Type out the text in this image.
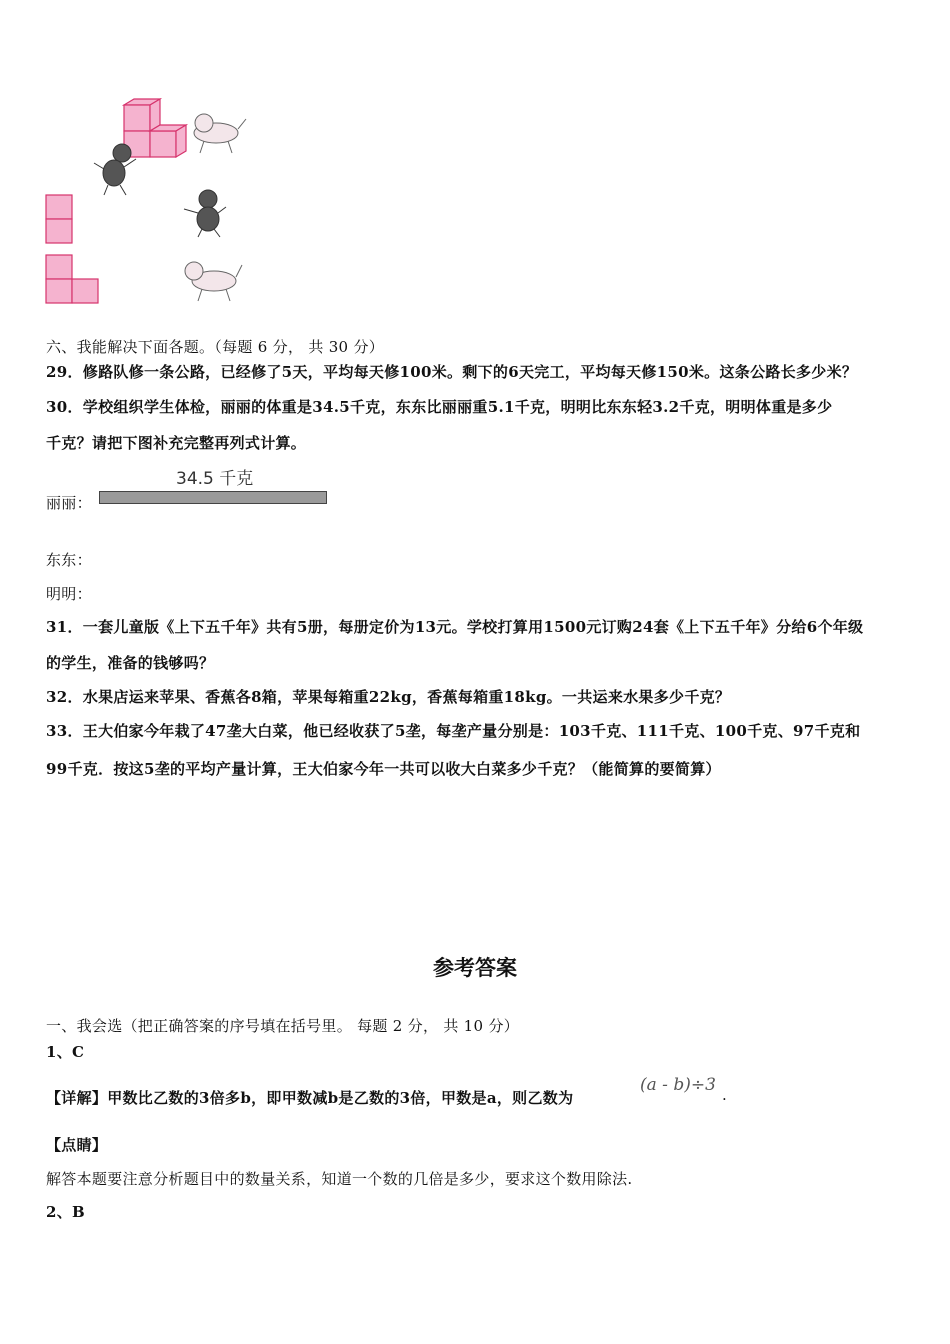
六、我能解决下面各题。（每题 6 分， 共 30 分）
29．修路队修一条公路，已经修了5天，平均每天修100米。剩下的6天完工，平均每天修150米。这条公路长多少米？
30．学校组织学生体检，丽丽的体重是34.5千克，东东比丽丽重5.1千克，明明比东东轻3.2千克，明明体重是多少
千克？请把下图补充完整再列式计算。
34.5 千克
丽丽：
东东：
明明：
31．一套儿童版《上下五千年》共有5册，每册定价为13元。学校打算用1500元订购24套《上下五千年》分给6个年级
的学生，准备的钱够吗？
32．水果店运来苹果、香蕉各8箱，苹果每箱重22kg，香蕉每箱重18kg。一共运来水果多少千克？
33．王大伯家今年栽了47垄大白菜，他已经收获了5垄，每垄产量分别是：103千克、111千克、100千克、97千克和
99千克．按这5垄的平均产量计算，王大伯家今年一共可以收大白菜多少千克？（能简算的要简算）
参考答案
一、我会选（把正确答案的序号填在括号里。 每题 2 分， 共 10 分）
1、C
【详解】甲数比乙数的3倍多b，即甲数减b是乙数的3倍，甲数是a，则乙数为
(a - b)÷3 .
【点睛】
解答本题要注意分析题目中的数量关系，知道一个数的几倍是多少，要求这个数用除法.
2、B
